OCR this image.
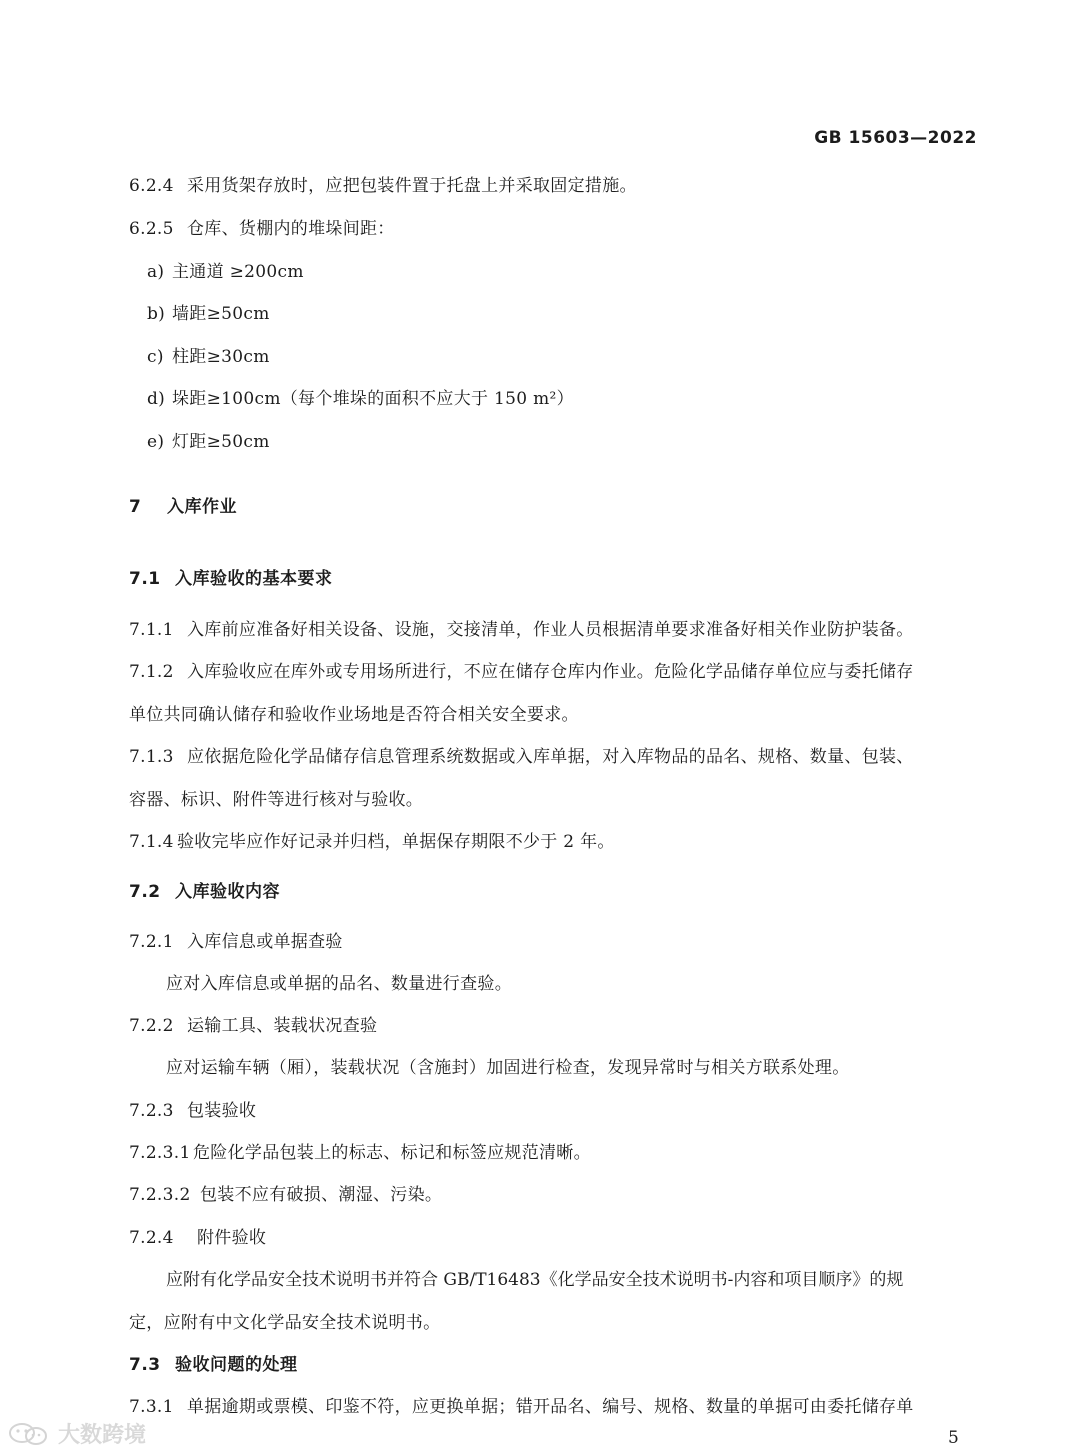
GB 15603—2022
6.2.4 采用货架存放时，应把包装件置于托盘上并采取固定措施。
6.2.5 仓库、货棚内的堆垛间距：
a) 主通道 ≥200cm
b) 墙距≥50cm
c) 柱距≥30cm
d) 垛距≥100cm（每个堆垛的面积不应大于 150 m²）
e) 灯距≥50cm
7 入库作业
7.1 入库验收的基本要求
7.1.1 入库前应准备好相关设备、设施，交接清单，作业人员根据清单要求准备好相关作业防护装备。
7.1.2 入库验收应在库外或专用场所进行，不应在储存仓库内作业。危险化学品储存单位应与委托储存
单位共同确认储存和验收作业场地是否符合相关安全要求。
7.1.3 应依据危险化学品储存信息管理系统数据或入库单据，对入库物品的品名、规格、数量、包装、
容器、标识、附件等进行核对与验收。
7.1.4 验收完毕应作好记录并归档，单据保存期限不少于 2 年。
7.2 入库验收内容
7.2.1 入库信息或单据查验
应对入库信息或单据的品名、数量进行查验。
7.2.2 运输工具、装载状况查验
应对运输车辆（厢），装载状况（含施封）加固进行检查，发现异常时与相关方联系处理。
7.2.3 包装验收
7.2.3.1 危险化学品包装上的标志、标记和标签应规范清晰。
7.2.3.2 包装不应有破损、潮湿、污染。
7.2.4 附件验收
应附有化学品安全技术说明书并符合 GB/T16483《化学品安全技术说明书-内容和项目顺序》的规
定，应附有中文化学品安全技术说明书。
7.3 验收问题的处理
7.3.1 单据逾期或票模、印鉴不符，应更换单据；错开品名、编号、规格、数量的单据可由委托储存单
大数跨境	5
